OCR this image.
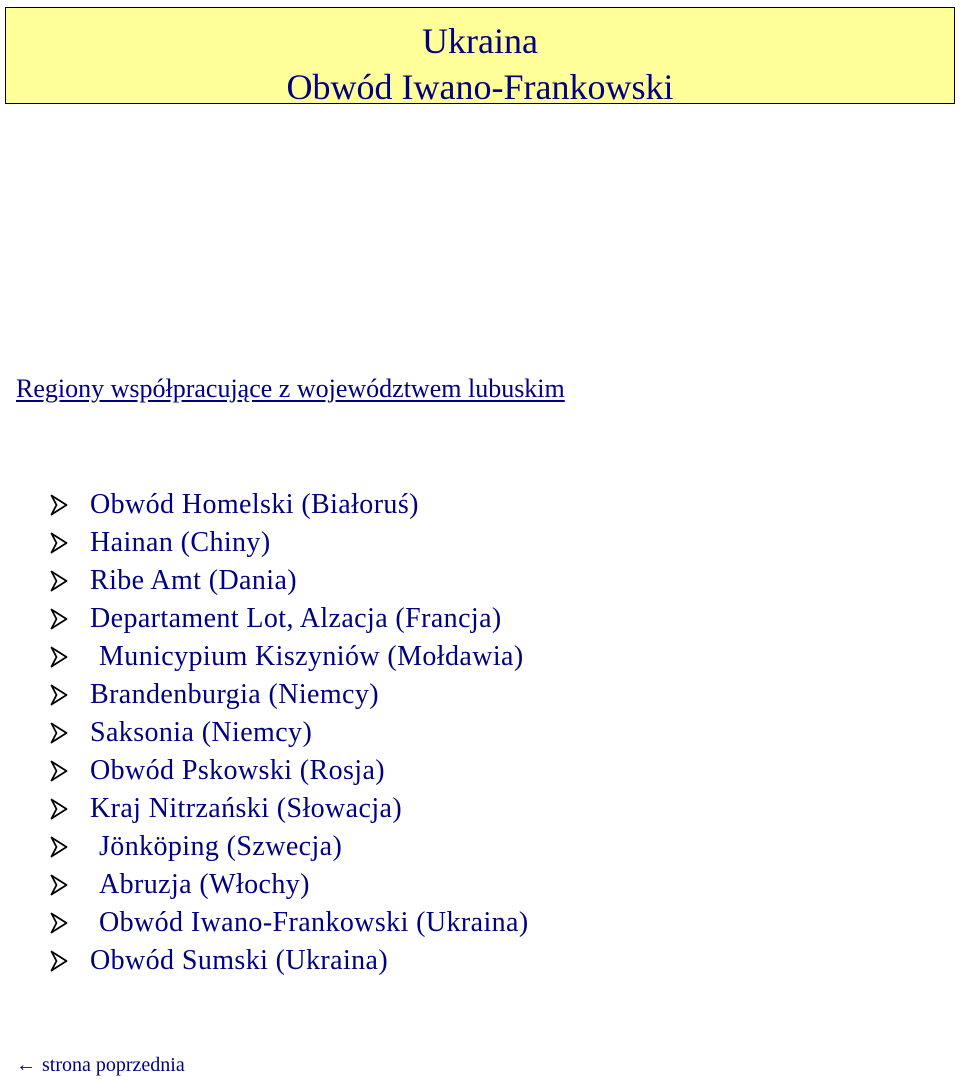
Ukraina
Obwód Iwano-Frankowski
Regiony współpracujące z województwem lubuskim
Obwód Homelski (Białoruś)
Hainan (Chiny)
Ribe Amt (Dania)
Departament Lot, Alzacja (Francja)
Municypium Kiszyniów (Mołdawia)
Brandenburgia (Niemcy)
Saksonia (Niemcy)
Obwód Pskowski (Rosja)
Kraj Nitrzański (Słowacja)
Jönköping (Szwecja)
Abruzja (Włochy)
Obwód Iwano-Frankowski (Ukraina)
Obwód Sumski (Ukraina)
← strona poprzednia
